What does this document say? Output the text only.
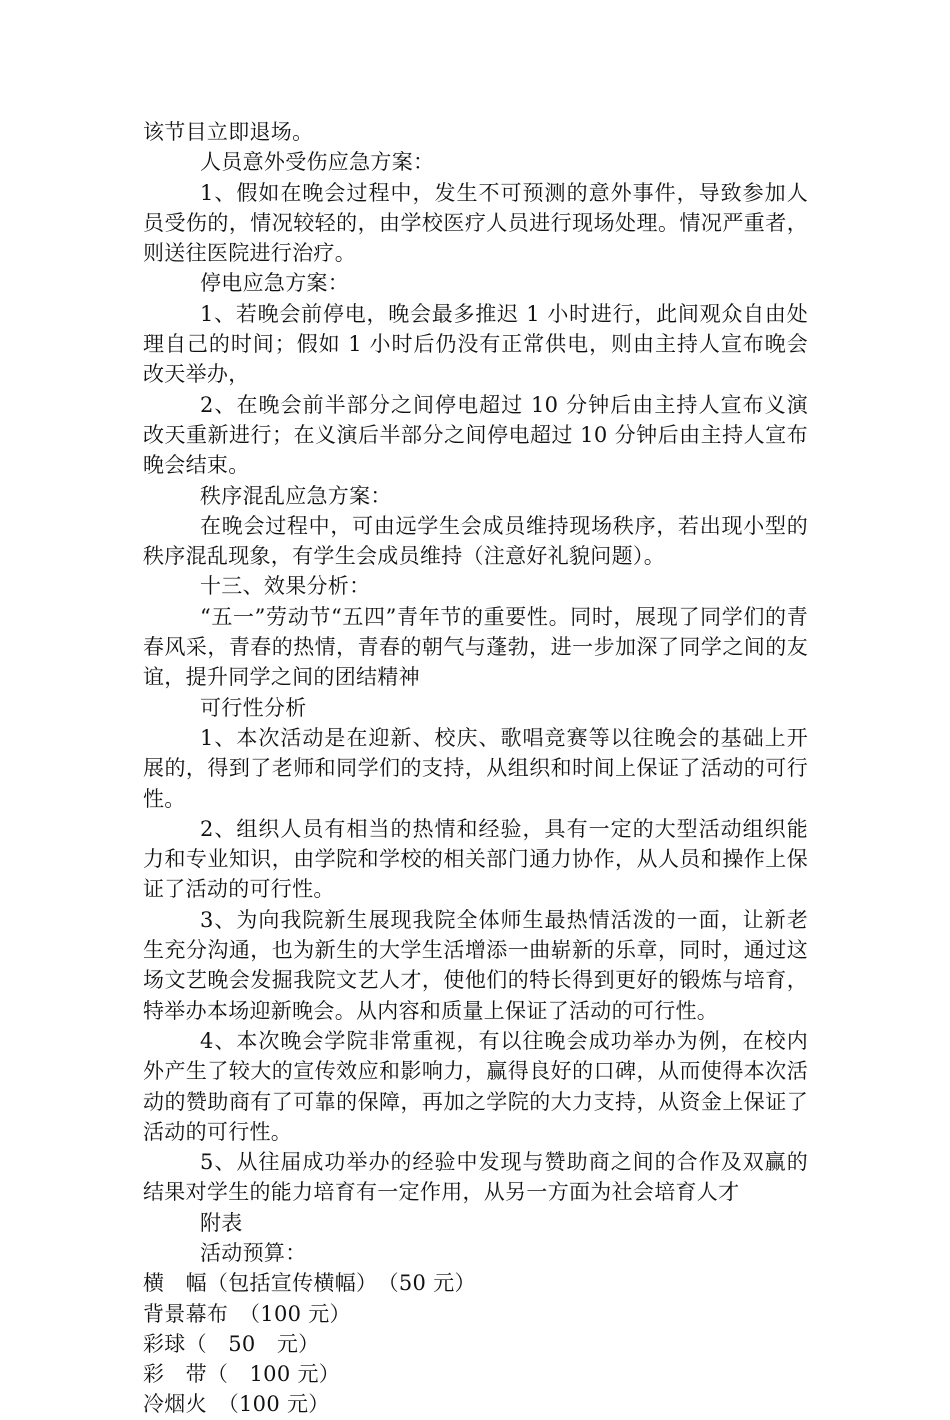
该节目立即退场。

人员意外受伤应急方案：

1、假如在晚会过程中，发生不可预测的意外事件，导致参加人员受伤的，情况较轻的，由学校医疗人员进行现场处理。情况严重者，则送往医院进行治疗。

停电应急方案：

1、若晚会前停电，晚会最多推迟 1 小时进行，此间观众自由处理自己的时间；假如 1 小时后仍没有正常供电，则由主持人宣布晚会改天举办，

2、在晚会前半部分之间停电超过 10 分钟后由主持人宣布义演改天重新进行；在义演后半部分之间停电超过 10 分钟后由主持人宣布晚会结束。

秩序混乱应急方案：

在晚会过程中，可由远学生会成员维持现场秩序，若出现小型的秩序混乱现象，有学生会成员维持（注意好礼貌问题）。

十三、效果分析：

“五一”劳动节“五四”青年节的重要性。同时，展现了同学们的青春风采，青春的热情，青春的朝气与蓬勃，进一步加深了同学之间的友谊，提升同学之间的团结精神

可行性分析

1、本次活动是在迎新、校庆、歌唱竞赛等以往晚会的基础上开展的，得到了老师和同学们的支持，从组织和时间上保证了活动的可行性。

2、组织人员有相当的热情和经验，具有一定的大型活动组织能力和专业知识，由学院和学校的相关部门通力协作，从人员和操作上保证了活动的可行性。

3、为向我院新生展现我院全体师生最热情活泼的一面，让新老生充分沟通，也为新生的大学生活增添一曲崭新的乐章，同时，通过这场文艺晚会发掘我院文艺人才，使他们的特长得到更好的锻炼与培育，特举办本场迎新晚会。从内容和质量上保证了活动的可行性。

4、本次晚会学院非常重视，有以往晚会成功举办为例，在校内外产生了较大的宣传效应和影响力，赢得良好的口碑，从而使得本次活动的赞助商有了可靠的保障，再加之学院的大力支持，从资金上保证了活动的可行性。

5、从往届成功举办的经验中发现与赞助商之间的合作及双赢的结果对学生的能力培育有一定作用，从另一方面为社会培育人才

附表

活动预算：

横　幅（包括宣传横幅）　（50 元）

背景幕布　（100 元）

彩球（　50　元）

彩　带（　100 元）

冷烟火　（100 元）
